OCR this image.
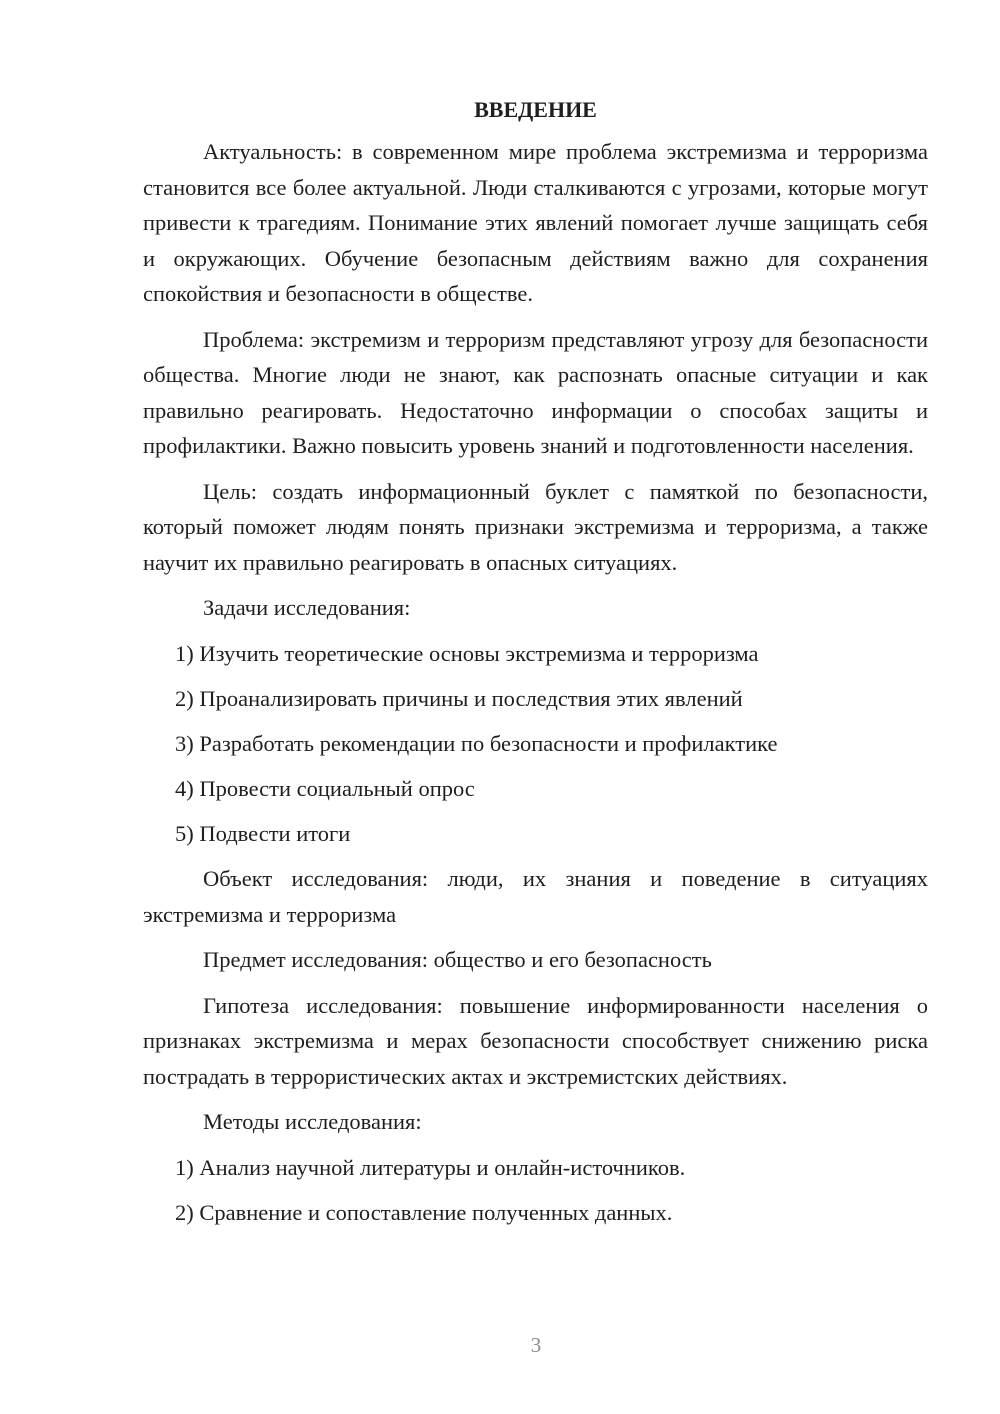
ВВЕДЕНИЕ

Актуальность: в современном мире проблема экстремизма и терроризма становится все более актуальной. Люди сталкиваются с угрозами, которые могут привести к трагедиям. Понимание этих явлений помогает лучше защищать себя и окружающих. Обучение безопасным действиям важно для сохранения спокойствия и безопасности в обществе.

Проблема: экстремизм и терроризм представляют угрозу для безопасности общества. Многие люди не знают, как распознать опасные ситуации и как правильно реагировать. Недостаточно информации о способах защиты и профилактики. Важно повысить уровень знаний и подготовленности населения.

Цель: создать информационный буклет с памяткой по безопасности, который поможет людям понять признаки экстремизма и терроризма, а также научит их правильно реагировать в опасных ситуациях.

Задачи исследования:

1) Изучить теоретические основы экстремизма и терроризма
2) Проанализировать причины и последствия этих явлений
3) Разработать рекомендации по безопасности и профилактике
4) Провести социальный опрос
5) Подвести итоги

Объект исследования: люди, их знания и поведение в ситуациях экстремизма и терроризма

Предмет исследования: общество и его безопасность

Гипотеза исследования: повышение информированности населения о признаках экстремизма и мерах безопасности способствует снижению риска пострадать в террористических актах и экстремистских действиях.

Методы исследования:

1) Анализ научной литературы и онлайн-источников.
2) Сравнение и сопоставление полученных данных.
3
